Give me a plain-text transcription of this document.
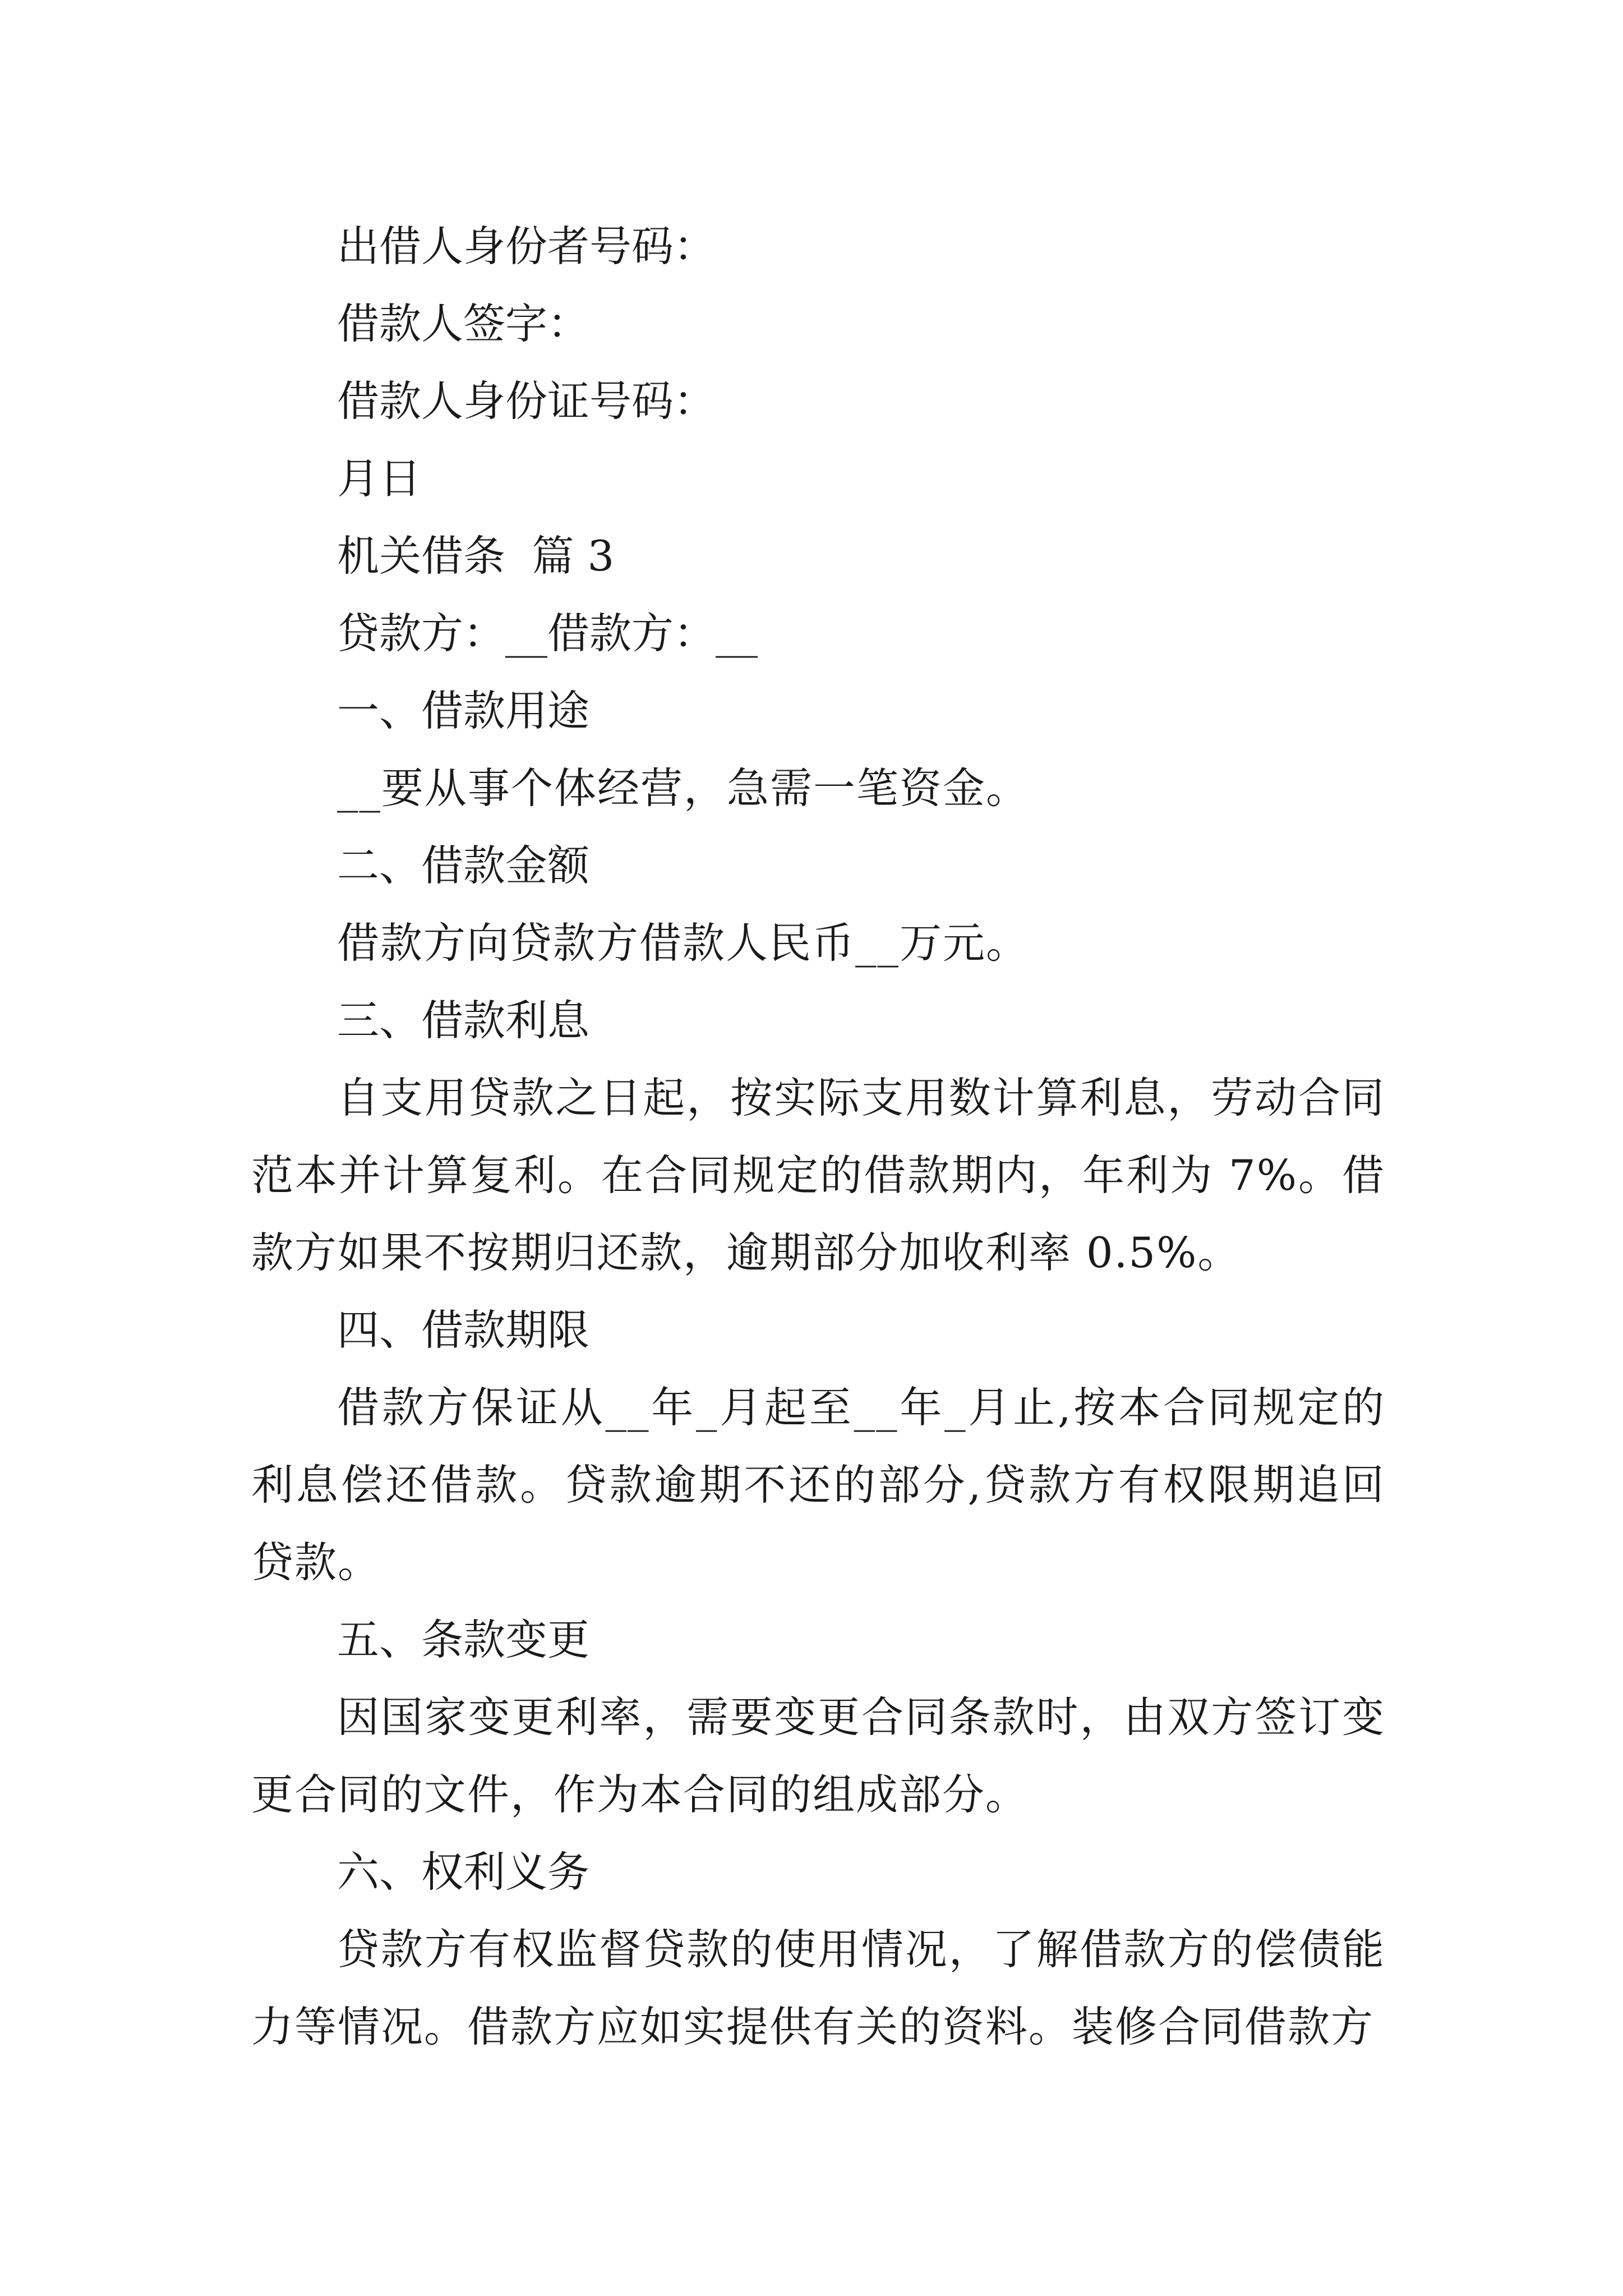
出借人身份者号码：

借款人签字：

借款人身份证号码：

月日

机关借条  篇 3

贷款方：__借款方：__

一、借款用途

__要从事个体经营，急需一笔资金。

二、借款金额

借款方向贷款方借款人民币__万元。

三、借款利息

自支用贷款之日起，按实际支用数计算利息，劳动合同范本并计算复利。在合同规定的借款期内，年利为 7%。借款方如果不按期归还款，逾期部分加收利率 0.5%。

四、借款期限

借款方保证从__年_月起至__年_月止,按本合同规定的利息偿还借款。贷款逾期不还的部分,贷款方有权限期追回贷款。

五、条款变更

因国家变更利率，需要变更合同条款时，由双方签订变更合同的文件，作为本合同的组成部分。

六、权利义务

贷款方有权监督贷款的使用情况，了解借款方的偿债能力等情况。借款方应如实提供有关的资料。装修合同借款方
